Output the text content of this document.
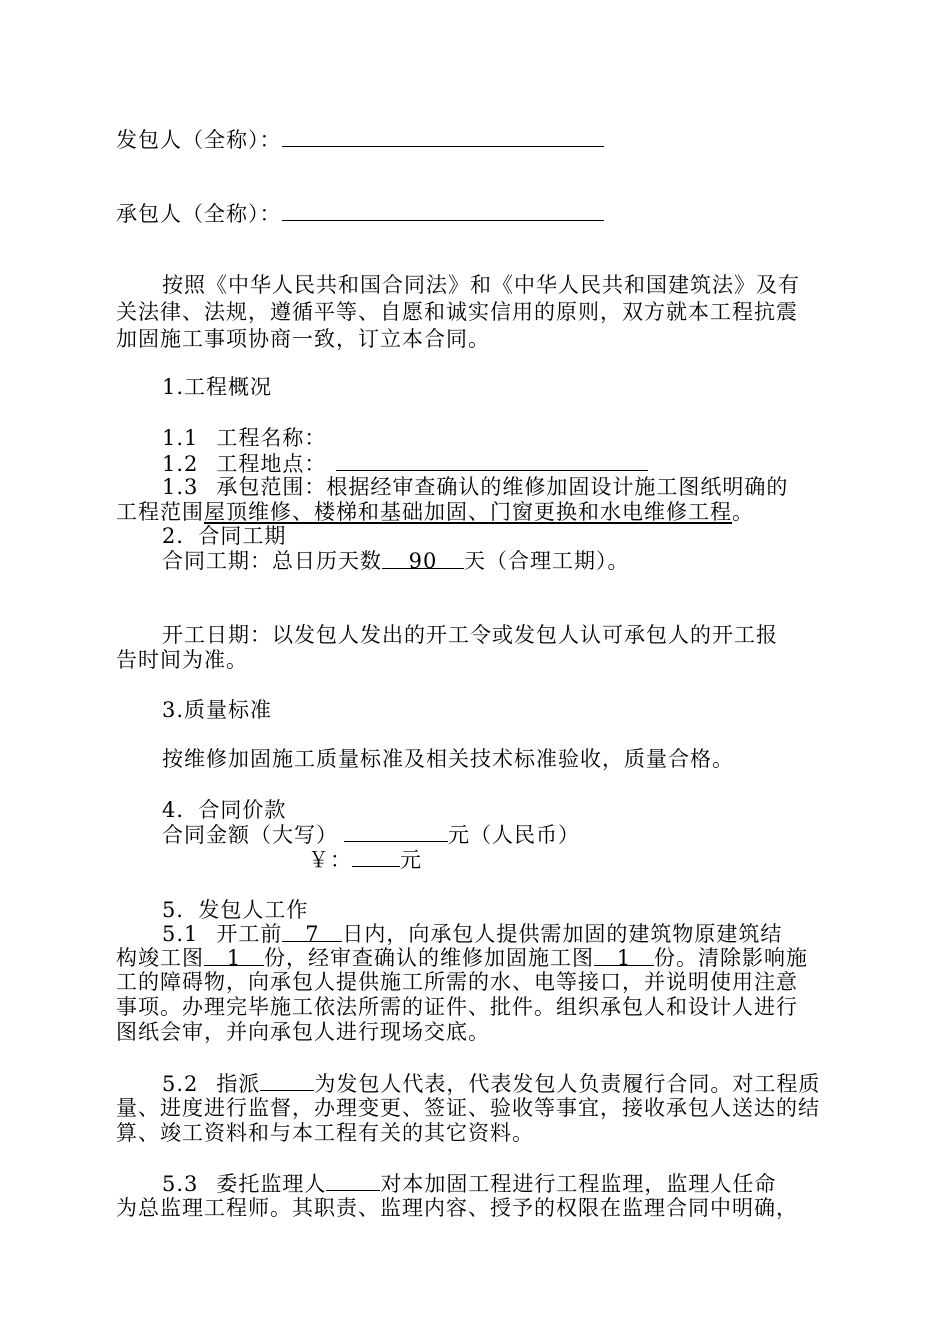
发包人（全称）：
承包人（全称）：
按照《中华人民共和国合同法》和《中华人民共和国建筑法》及有
关法律、法规，遵循平等、自愿和诚实信用的原则，双方就本工程抗震
加固施工事项协商一致，订立本合同。
1.工程概况
1.1 工程名称：
1.2 工程地点：
1.3 承包范围：根据经审查确认的维修加固设计施工图纸明确的
工程范围屋顶维修、楼梯和基础加固、门窗更换和水电维修工程。
2．合同工期
合同工期：总日历天数 90 天（合理工期）。
开工日期：以发包人发出的开工令或发包人认可承包人的开工报
告时间为准。
3.质量标准
按维修加固施工质量标准及相关技术标准验收，质量合格。
4．合同价款
合同金额（大写）	元（人民币）
￥： 元
5．发包人工作
5.1 开工前 7 日内，向承包人提供需加固的建筑物原建筑结
构竣工图 1 份，经审查确认的维修加固施工图 1 份。清除影响施
工的障碍物，向承包人提供施工所需的水、电等接口，并说明使用注意
事项。办理完毕施工依法所需的证件、批件。组织承包人和设计人进行
图纸会审，并向承包人进行现场交底。
5.2 指派	为发包人代表，代表发包人负责履行合同。对工程质
量、进度进行监督，办理变更、签证、验收等事宜，接收承包人送达的结
算、竣工资料和与本工程有关的其它资料。
5.3 委托监理人	对本加固工程进行工程监理，监理人任命
为总监理工程师。其职责、监理内容、授予的权限在监理合同中明确，
